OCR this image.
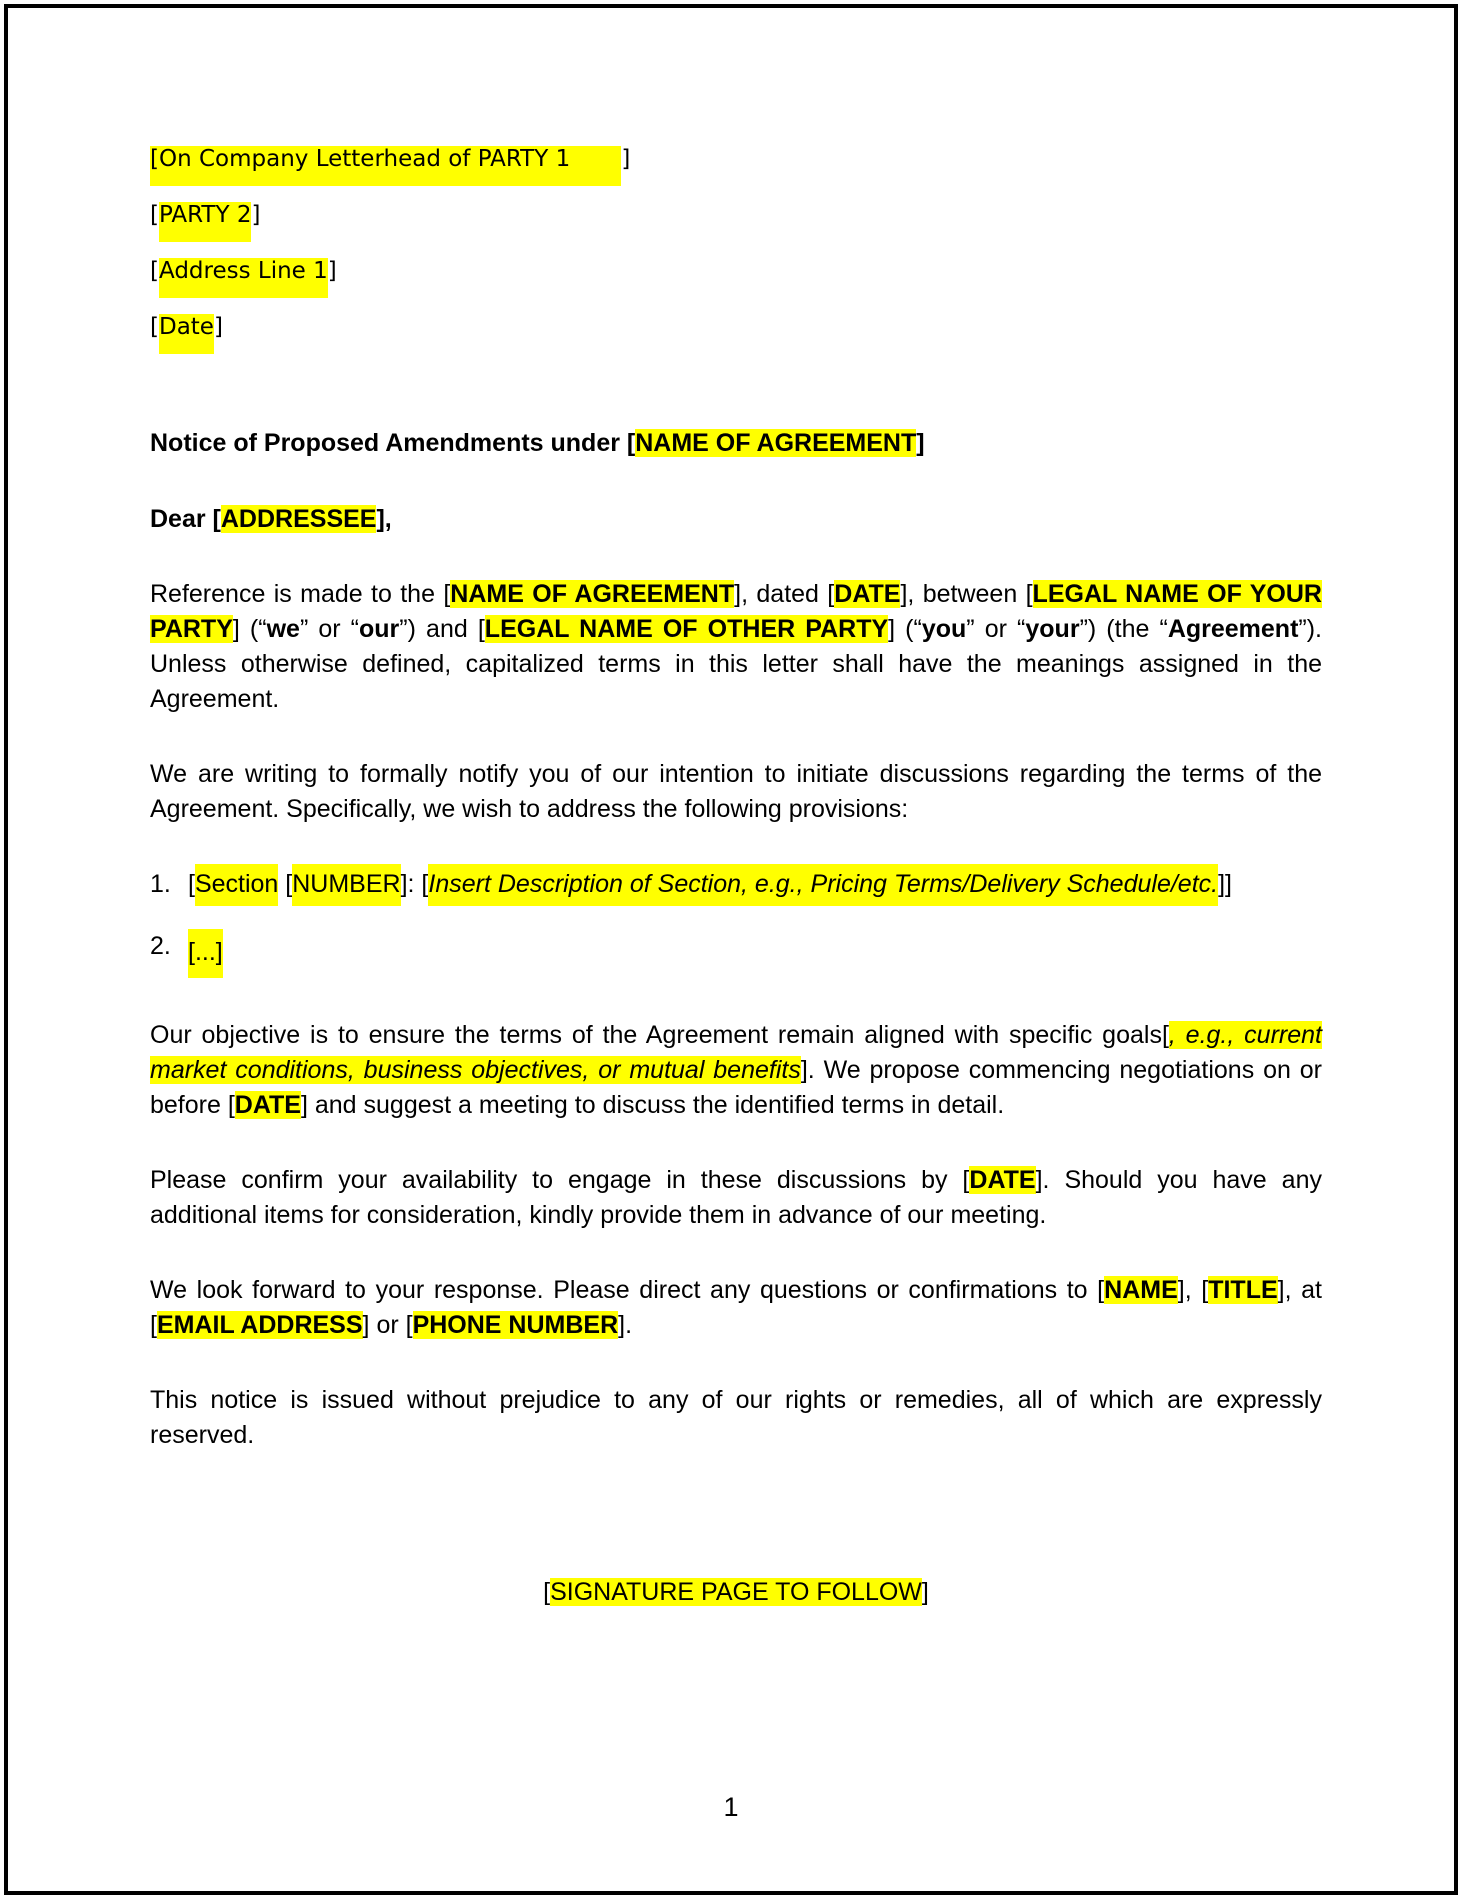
[On Company Letterhead of PARTY 1 ]
[PARTY 2]
[Address Line 1]
[Date]
Notice of Proposed Amendments under [NAME OF AGREEMENT]
Dear [ADDRESSEE],

Reference is made to the [NAME OF AGREEMENT], dated [DATE], between [LEGAL NAME OF YOUR PARTY] (“we” or “our”) and [LEGAL NAME OF OTHER PARTY] (“you” or “your”) (the “Agreement”). Unless otherwise defined, capitalized terms in this letter shall have the meanings assigned in the Agreement.

We are writing to formally notify you of our intention to initiate discussions regarding the terms of the Agreement. Specifically, we wish to address the following provisions:

1. [Section [NUMBER]: [Insert Description of Section, e.g., Pricing Terms/Delivery Schedule/etc.]]
2. [...]

Our objective is to ensure the terms of the Agreement remain aligned with specific goals[, e.g., current market conditions, business objectives, or mutual benefits]. We propose commencing negotiations on or before [DATE] and suggest a meeting to discuss the identified terms in detail.

Please confirm your availability to engage in these discussions by [DATE]. Should you have any additional items for consideration, kindly provide them in advance of our meeting.

We look forward to your response. Please direct any questions or confirmations to [NAME], [TITLE], at [EMAIL ADDRESS] or [PHONE NUMBER].

This notice is issued without prejudice to any of our rights or remedies, all of which are expressly reserved.

[SIGNATURE PAGE TO FOLLOW]
1
